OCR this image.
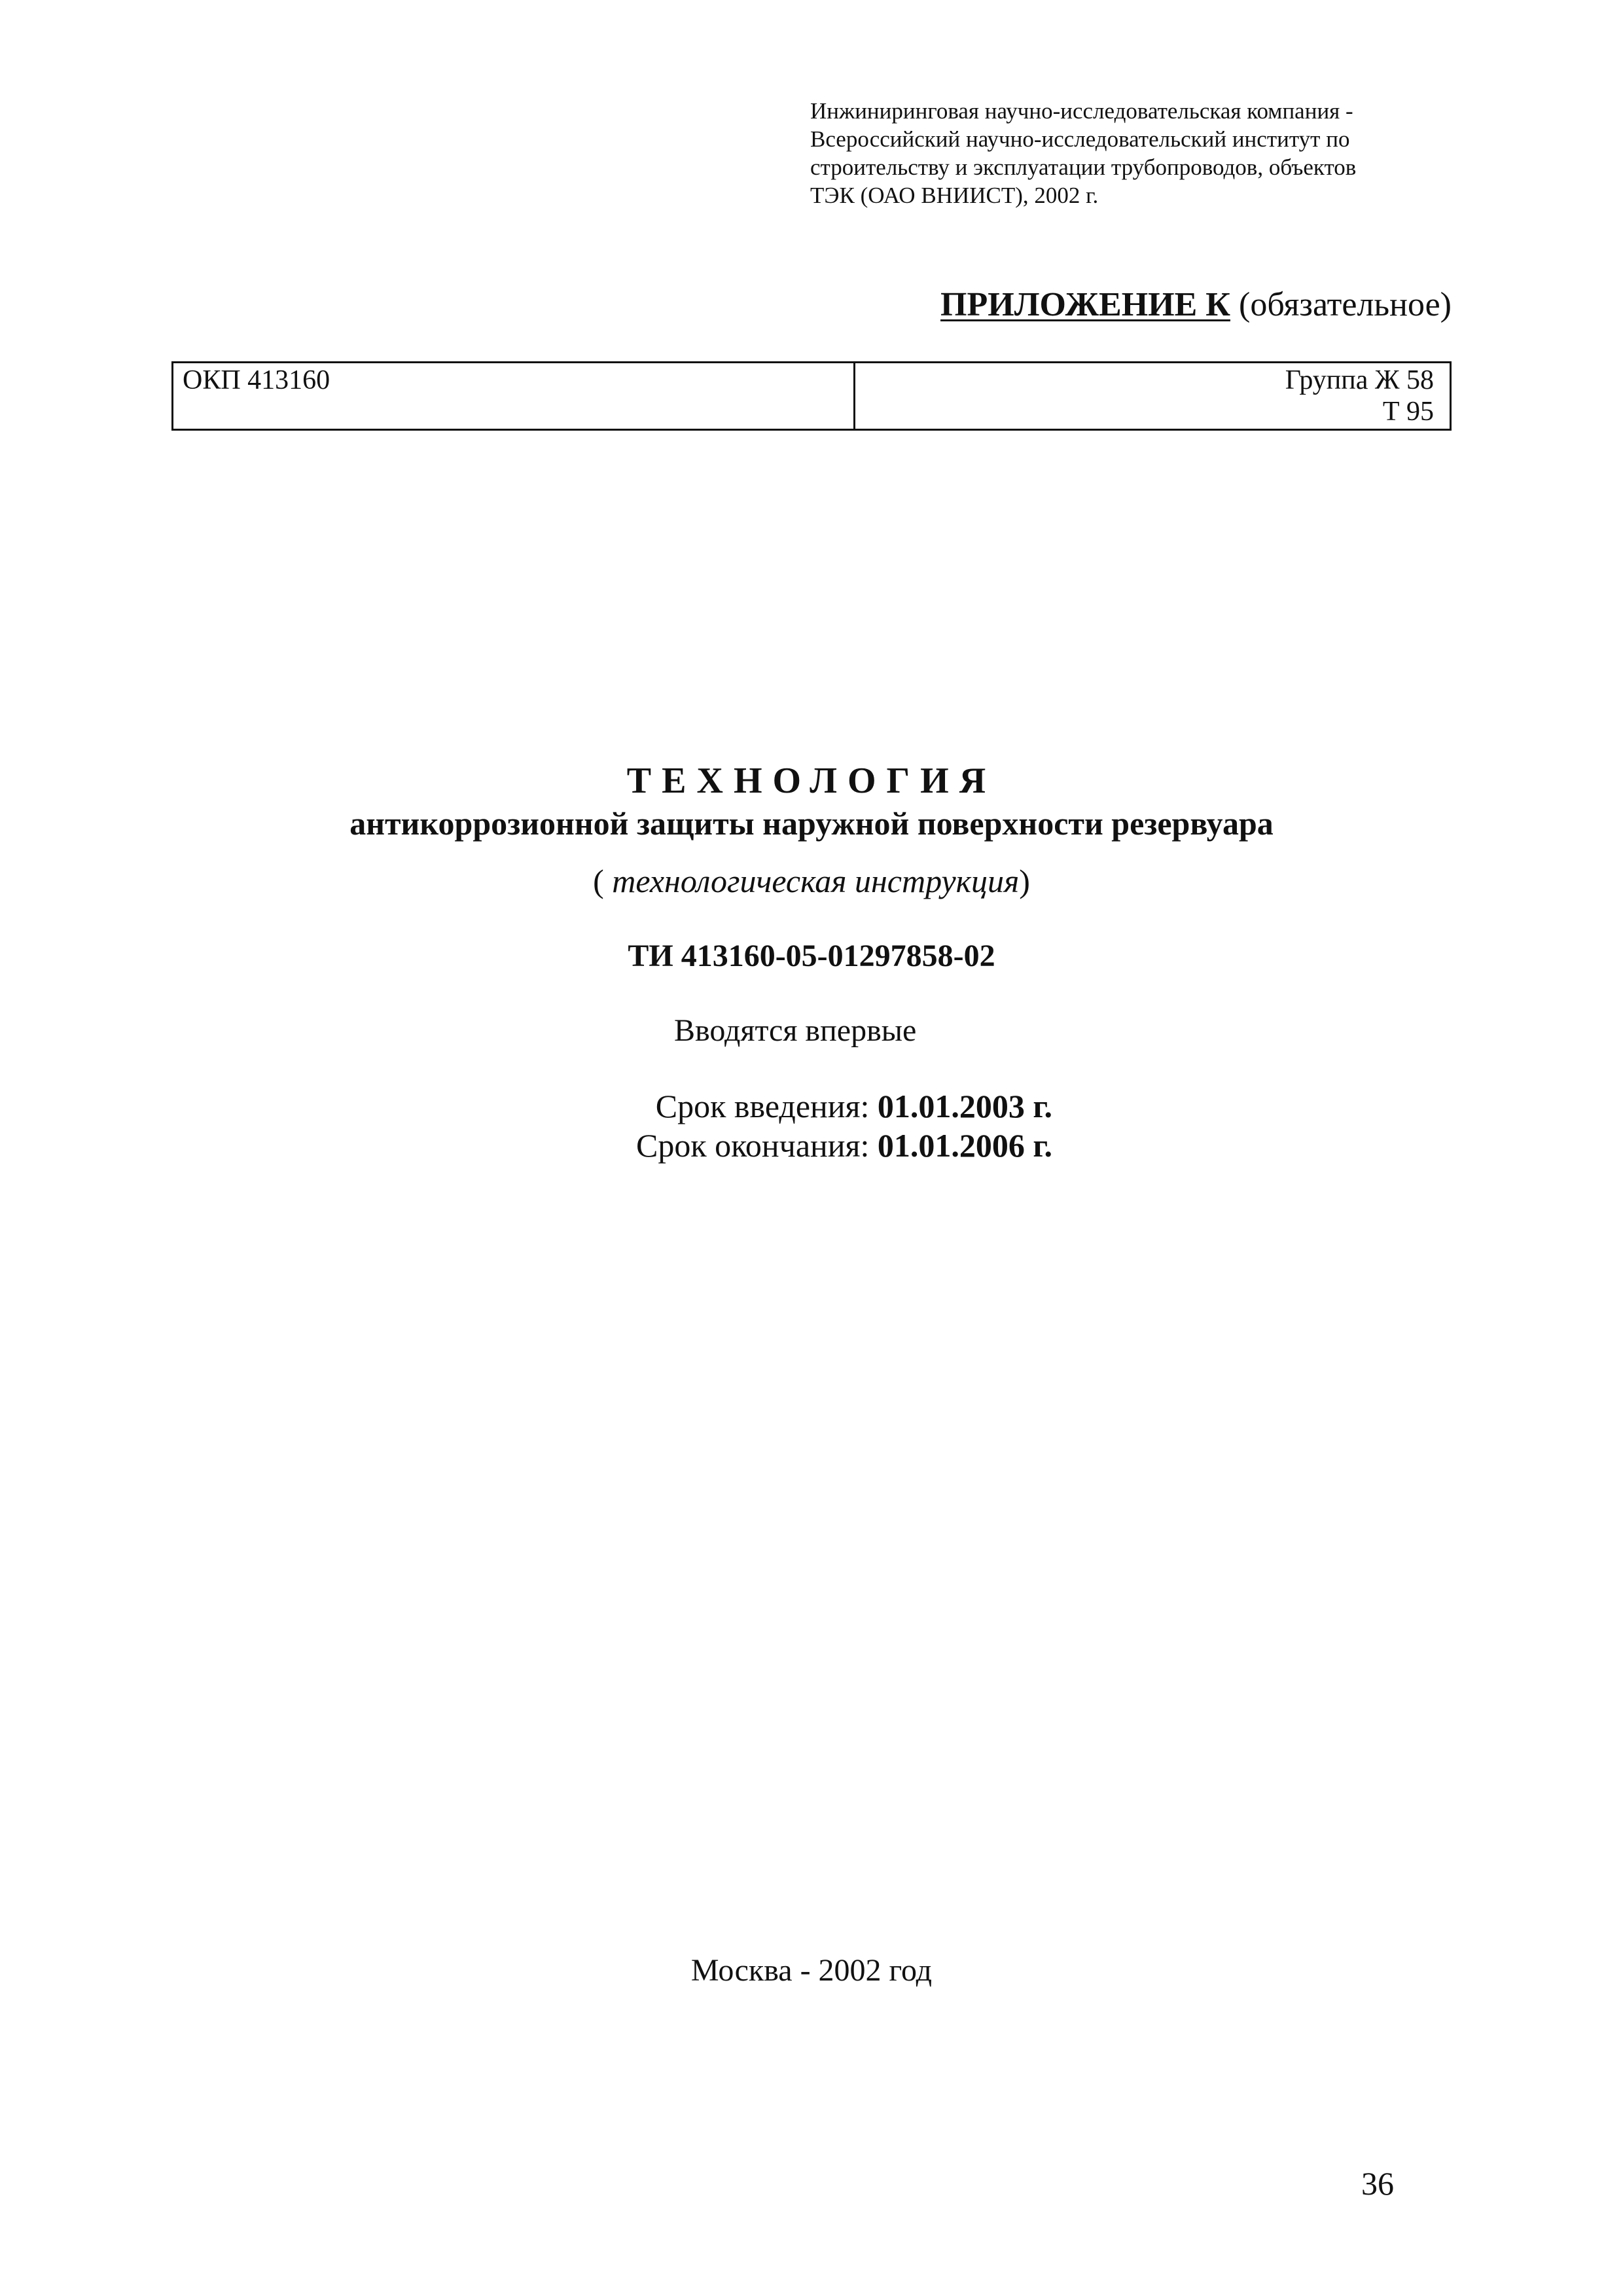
Инжиниринговая научно-исследовательская компания -
Всероссийский научно-исследовательский институт по
строительству и эксплуатации трубопроводов, объектов
ТЭК (ОАО ВНИИСТ), 2002 г.
ПРИЛОЖЕНИЕ К (обязательное)
ОКП 413160	Группа Ж 58
Т 95
ТЕХНОЛОГИЯ
антикоррозионной защиты наружной поверхности резервуара
( технологическая инструкция)
ТИ 413160-05-01297858-02
Вводятся впервые
Срок введения: 01.01.2003 г.
Срок окончания: 01.01.2006 г.
Москва - 2002 год
36
